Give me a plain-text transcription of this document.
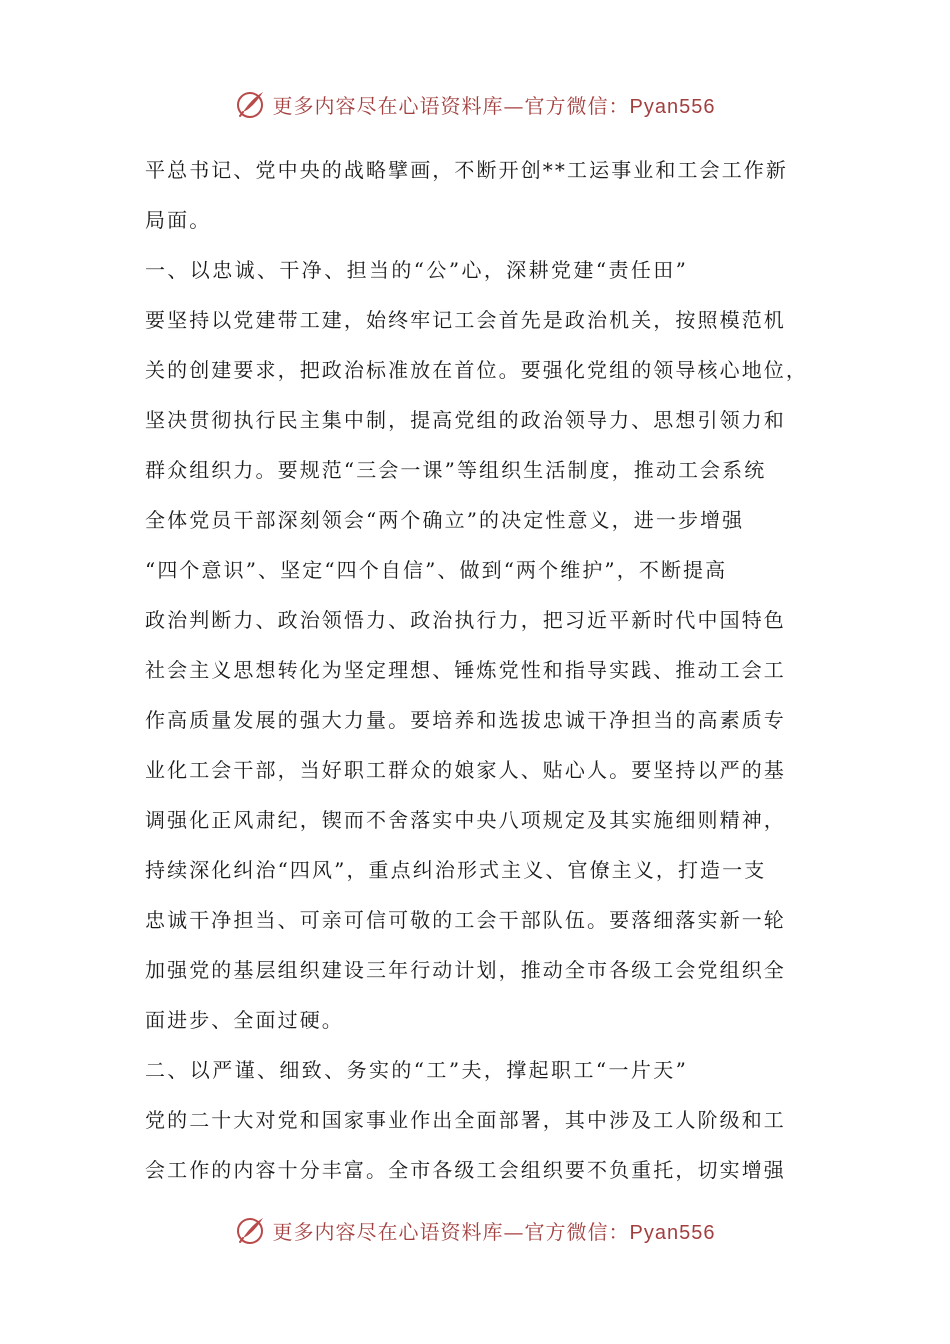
更多内容尽在心语资料库—官方微信：Pyan556
平总书记、党中央的战略擘画，不断开创**工运事业和工会工作新
局面。
一、以忠诚、干净、担当的“公”心，深耕党建“责任田”
要坚持以党建带工建，始终牢记工会首先是政治机关，按照模范机
关的创建要求，把政治标准放在首位。要强化党组的领导核心地位，
坚决贯彻执行民主集中制，提高党组的政治领导力、思想引领力和
群众组织力。要规范“三会一课”等组织生活制度，推动工会系统
全体党员干部深刻领会“两个确立”的决定性意义，进一步增强
“四个意识”、坚定“四个自信”、做到“两个维护”，不断提高
政治判断力、政治领悟力、政治执行力，把习近平新时代中国特色
社会主义思想转化为坚定理想、锤炼党性和指导实践、推动工会工
作高质量发展的强大力量。要培养和选拔忠诚干净担当的高素质专
业化工会干部，当好职工群众的娘家人、贴心人。要坚持以严的基
调强化正风肃纪，锲而不舍落实中央八项规定及其实施细则精神，
持续深化纠治“四风”，重点纠治形式主义、官僚主义，打造一支
忠诚干净担当、可亲可信可敬的工会干部队伍。要落细落实新一轮
加强党的基层组织建设三年行动计划，推动全市各级工会党组织全
面进步、全面过硬。
二、以严谨、细致、务实的“工”夫，撑起职工“一片天”
党的二十大对党和国家事业作出全面部署，其中涉及工人阶级和工
会工作的内容十分丰富。全市各级工会组织要不负重托，切实增强
更多内容尽在心语资料库—官方微信：Pyan556
